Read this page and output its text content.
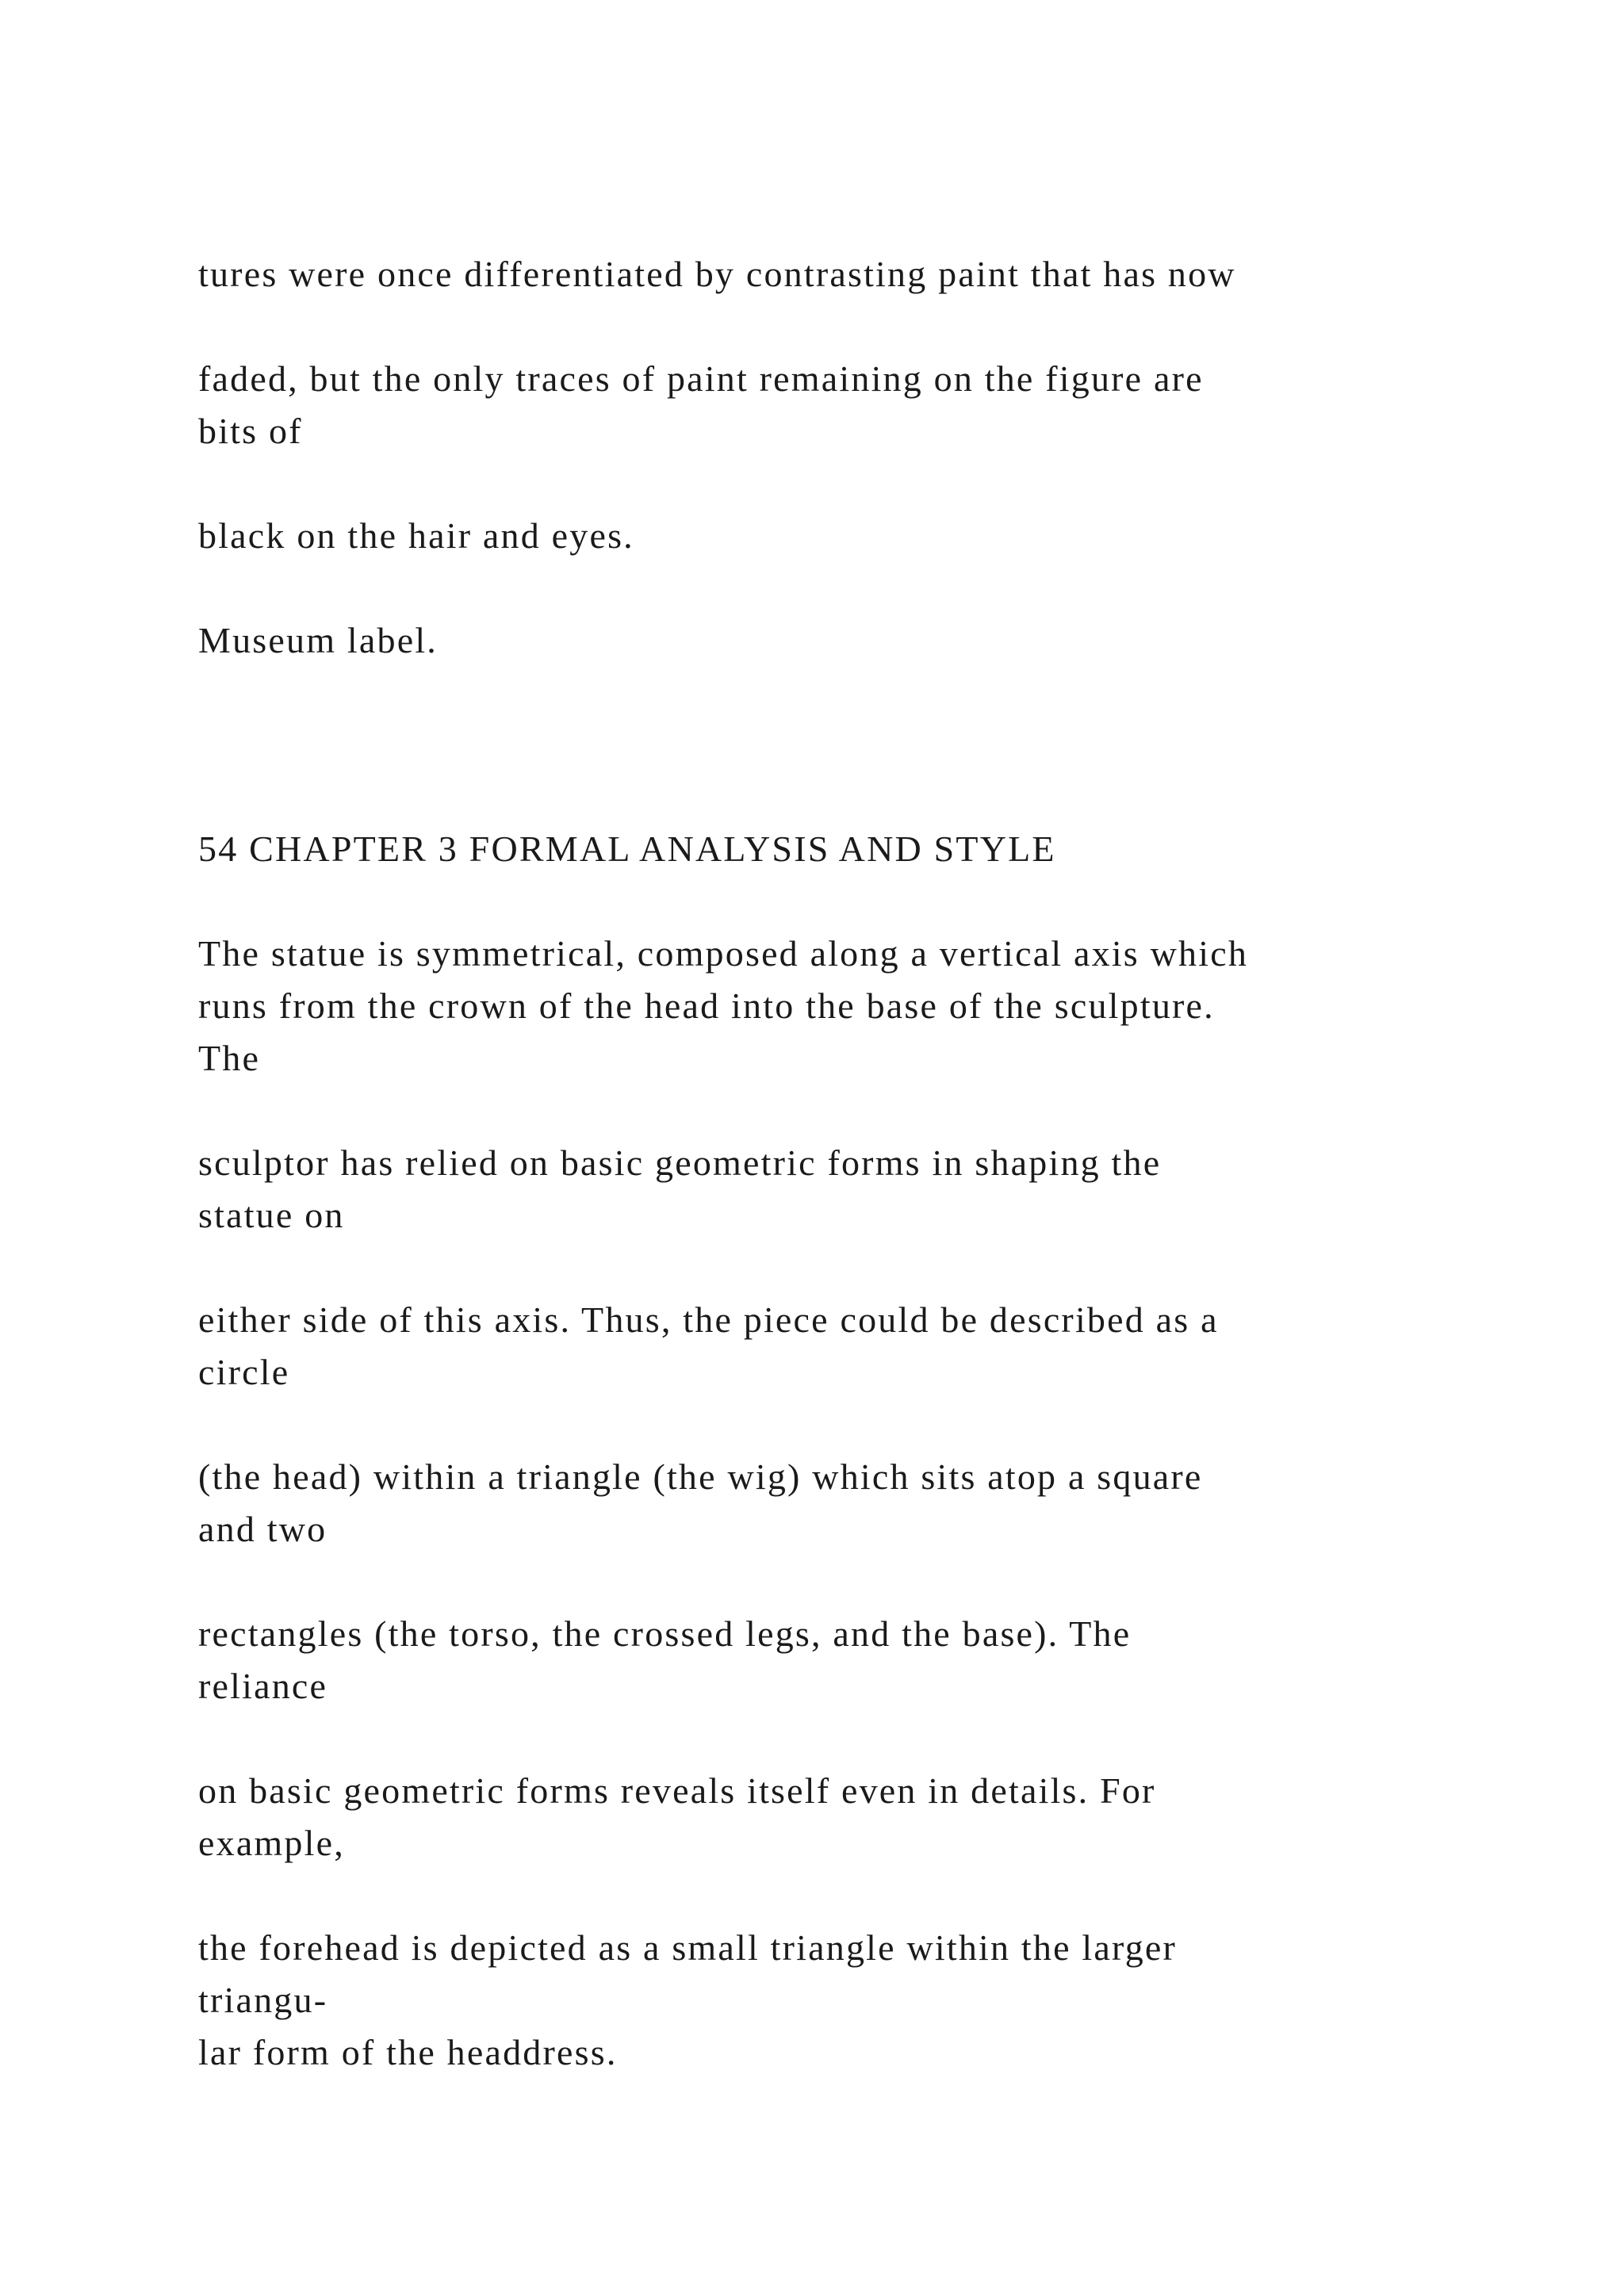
tures were once differentiated by contrasting paint that has now

faded, but the only traces of paint remaining on the figure are

bits of

black on the hair and eyes.

Museum label.

54 CHAPTER 3 FORMAL ANALYSIS AND STYLE

The statue is symmetrical, composed along a vertical axis which

runs from the crown of the head into the base of the sculpture.

The

sculptor has relied on basic geometric forms in shaping the

statue on

either side of this axis. Thus, the piece could be described as a

circle

(the head) within a triangle (the wig) which sits atop a square

and two

rectangles (the torso, the crossed legs, and the base). The

reliance

on basic geometric forms reveals itself even in details. For

example,

the forehead is depicted as a small triangle within the larger

triangu-

lar form of the headdress.
